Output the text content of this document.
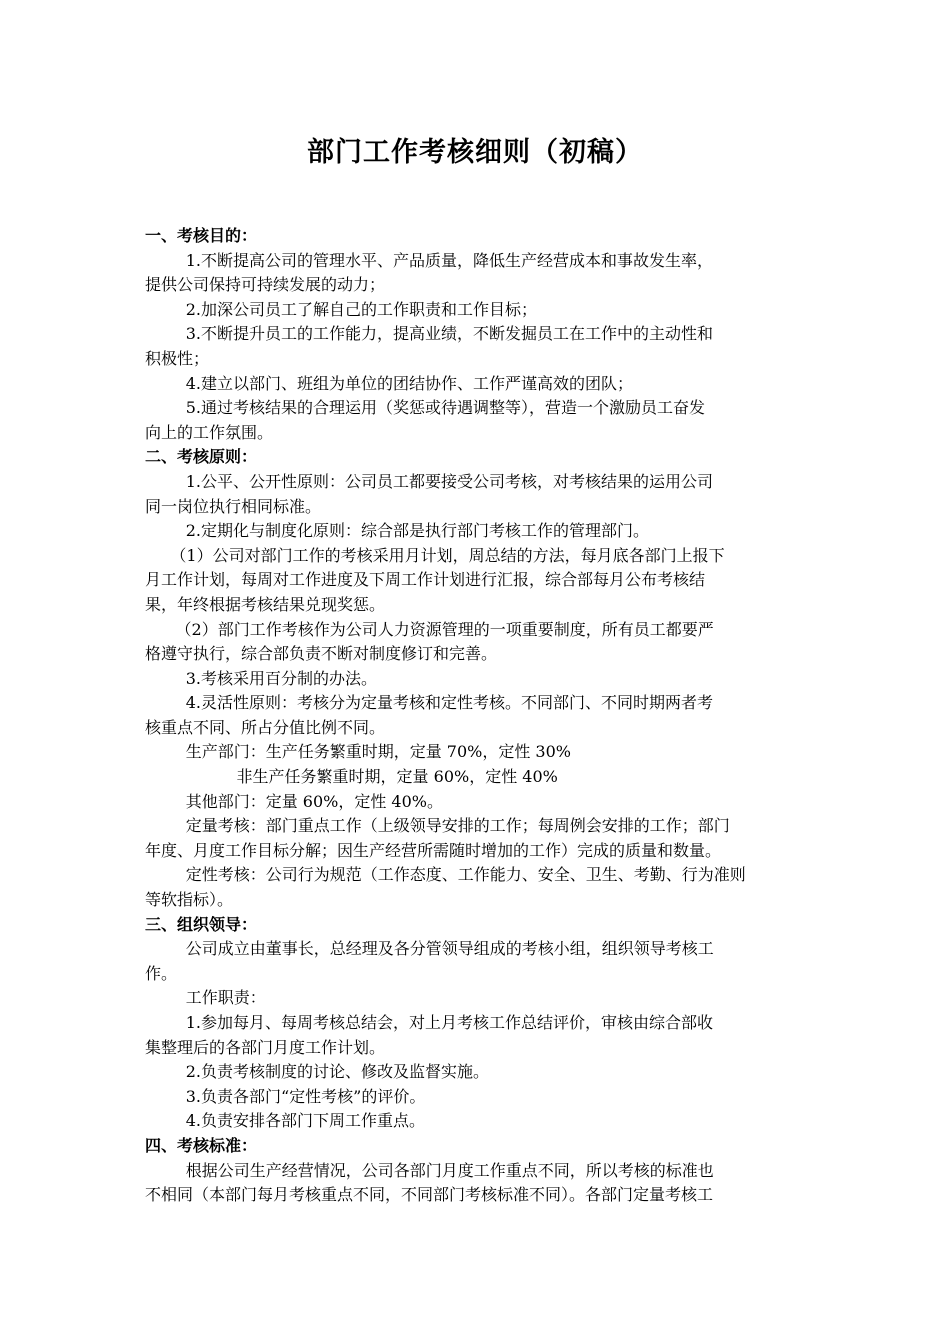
部门工作考核细则（初稿）
一、考核目的：
1.不断提高公司的管理水平、产品质量，降低生产经营成本和事故发生率，
提供公司保持可持续发展的动力；
2.加深公司员工了解自己的工作职责和工作目标；
3.不断提升员工的工作能力，提高业绩，不断发掘员工在工作中的主动性和
积极性；
4.建立以部门、班组为单位的团结协作、工作严谨高效的团队；
5.通过考核结果的合理运用（奖惩或待遇调整等），营造一个激励员工奋发
向上的工作氛围。
二、考核原则：
1.公平、公开性原则：公司员工都要接受公司考核，对考核结果的运用公司
同一岗位执行相同标准。
2.定期化与制度化原则：综合部是执行部门考核工作的管理部门。
（1）公司对部门工作的考核采用月计划，周总结的方法，每月底各部门上报下
月工作计划，每周对工作进度及下周工作计划进行汇报，综合部每月公布考核结
果，年终根据考核结果兑现奖惩。
（2）部门工作考核作为公司人力资源管理的一项重要制度，所有员工都要严
格遵守执行，综合部负责不断对制度修订和完善。
3.考核采用百分制的办法。
4.灵活性原则：考核分为定量考核和定性考核。不同部门、不同时期两者考
核重点不同、所占分值比例不同。
生产部门：生产任务繁重时期，定量 70%，定性 30%
非生产任务繁重时期，定量 60%，定性 40%
其他部门：定量 60%，定性 40%。
定量考核：部门重点工作（上级领导安排的工作；每周例会安排的工作；部门
年度、月度工作目标分解；因生产经营所需随时增加的工作）完成的质量和数量。
定性考核：公司行为规范（工作态度、工作能力、安全、卫生、考勤、行为准则
等软指标）。
三、组织领导：
公司成立由董事长，总经理及各分管领导组成的考核小组，组织领导考核工
作。
工作职责：
1.参加每月、每周考核总结会，对上月考核工作总结评价，审核由综合部收
集整理后的各部门月度工作计划。
2.负责考核制度的讨论、修改及监督实施。
3.负责各部门“定性考核”的评价。
4.负责安排各部门下周工作重点。
四、考核标准：
根据公司生产经营情况，公司各部门月度工作重点不同，所以考核的标准也
不相同（本部门每月考核重点不同，不同部门考核标准不同）。各部门定量考核工
